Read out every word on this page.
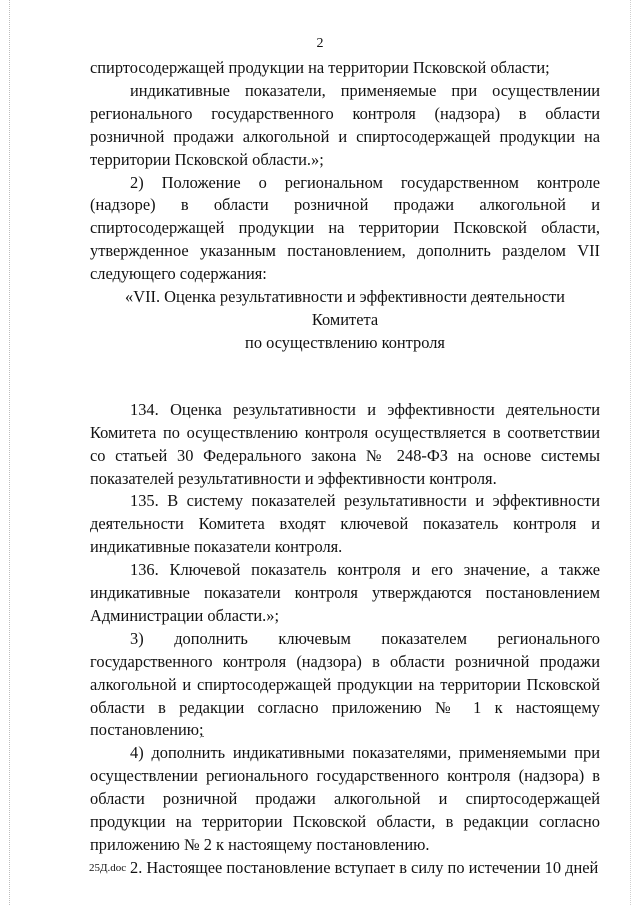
2

спиртосодержащей продукции на территории Псковской области;

индикативные показатели, применяемые при осуществлении регионального государственного контроля (надзора) в области розничной продажи алкогольной и спиртосодержащей продукции на территории Псковской области.»;

2) Положение о региональном государственном контроле (надзоре) в области розничной продажи алкогольной и спиртосодержащей продукции на территории Псковской области, утвержденное указанным постановлением, дополнить разделом VII следующего содержания:

«VII. Оценка результативности и эффективности деятельности Комитета
по осуществлению контроля

134. Оценка результативности и эффективности деятельности Комитета по осуществлению контроля осуществляется в соответствии со статьей 30 Федерального закона № 248-ФЗ на основе системы показателей результативности и эффективности контроля.

135. В систему показателей результативности и эффективности деятельности Комитета входят ключевой показатель контроля и индикативные показатели контроля.

136. Ключевой показатель контроля и его значение, а также индикативные показатели контроля утверждаются постановлением Администрации области.»;

3) дополнить ключевым показателем регионального государственного контроля (надзора) в области розничной продажи алкогольной и спиртосодержащей продукции на территории Псковской области в редакции согласно приложению № 1 к настоящему постановлению;

4) дополнить индикативными показателями, применяемыми при осуществлении регионального государственного контроля (надзора) в области розничной продажи алкогольной и спиртосодержащей продукции на территории Псковской области, в редакции согласно приложению № 2 к настоящему постановлению.

2. Настоящее постановление вступает в силу по истечении 10 дней

25Д.doc
